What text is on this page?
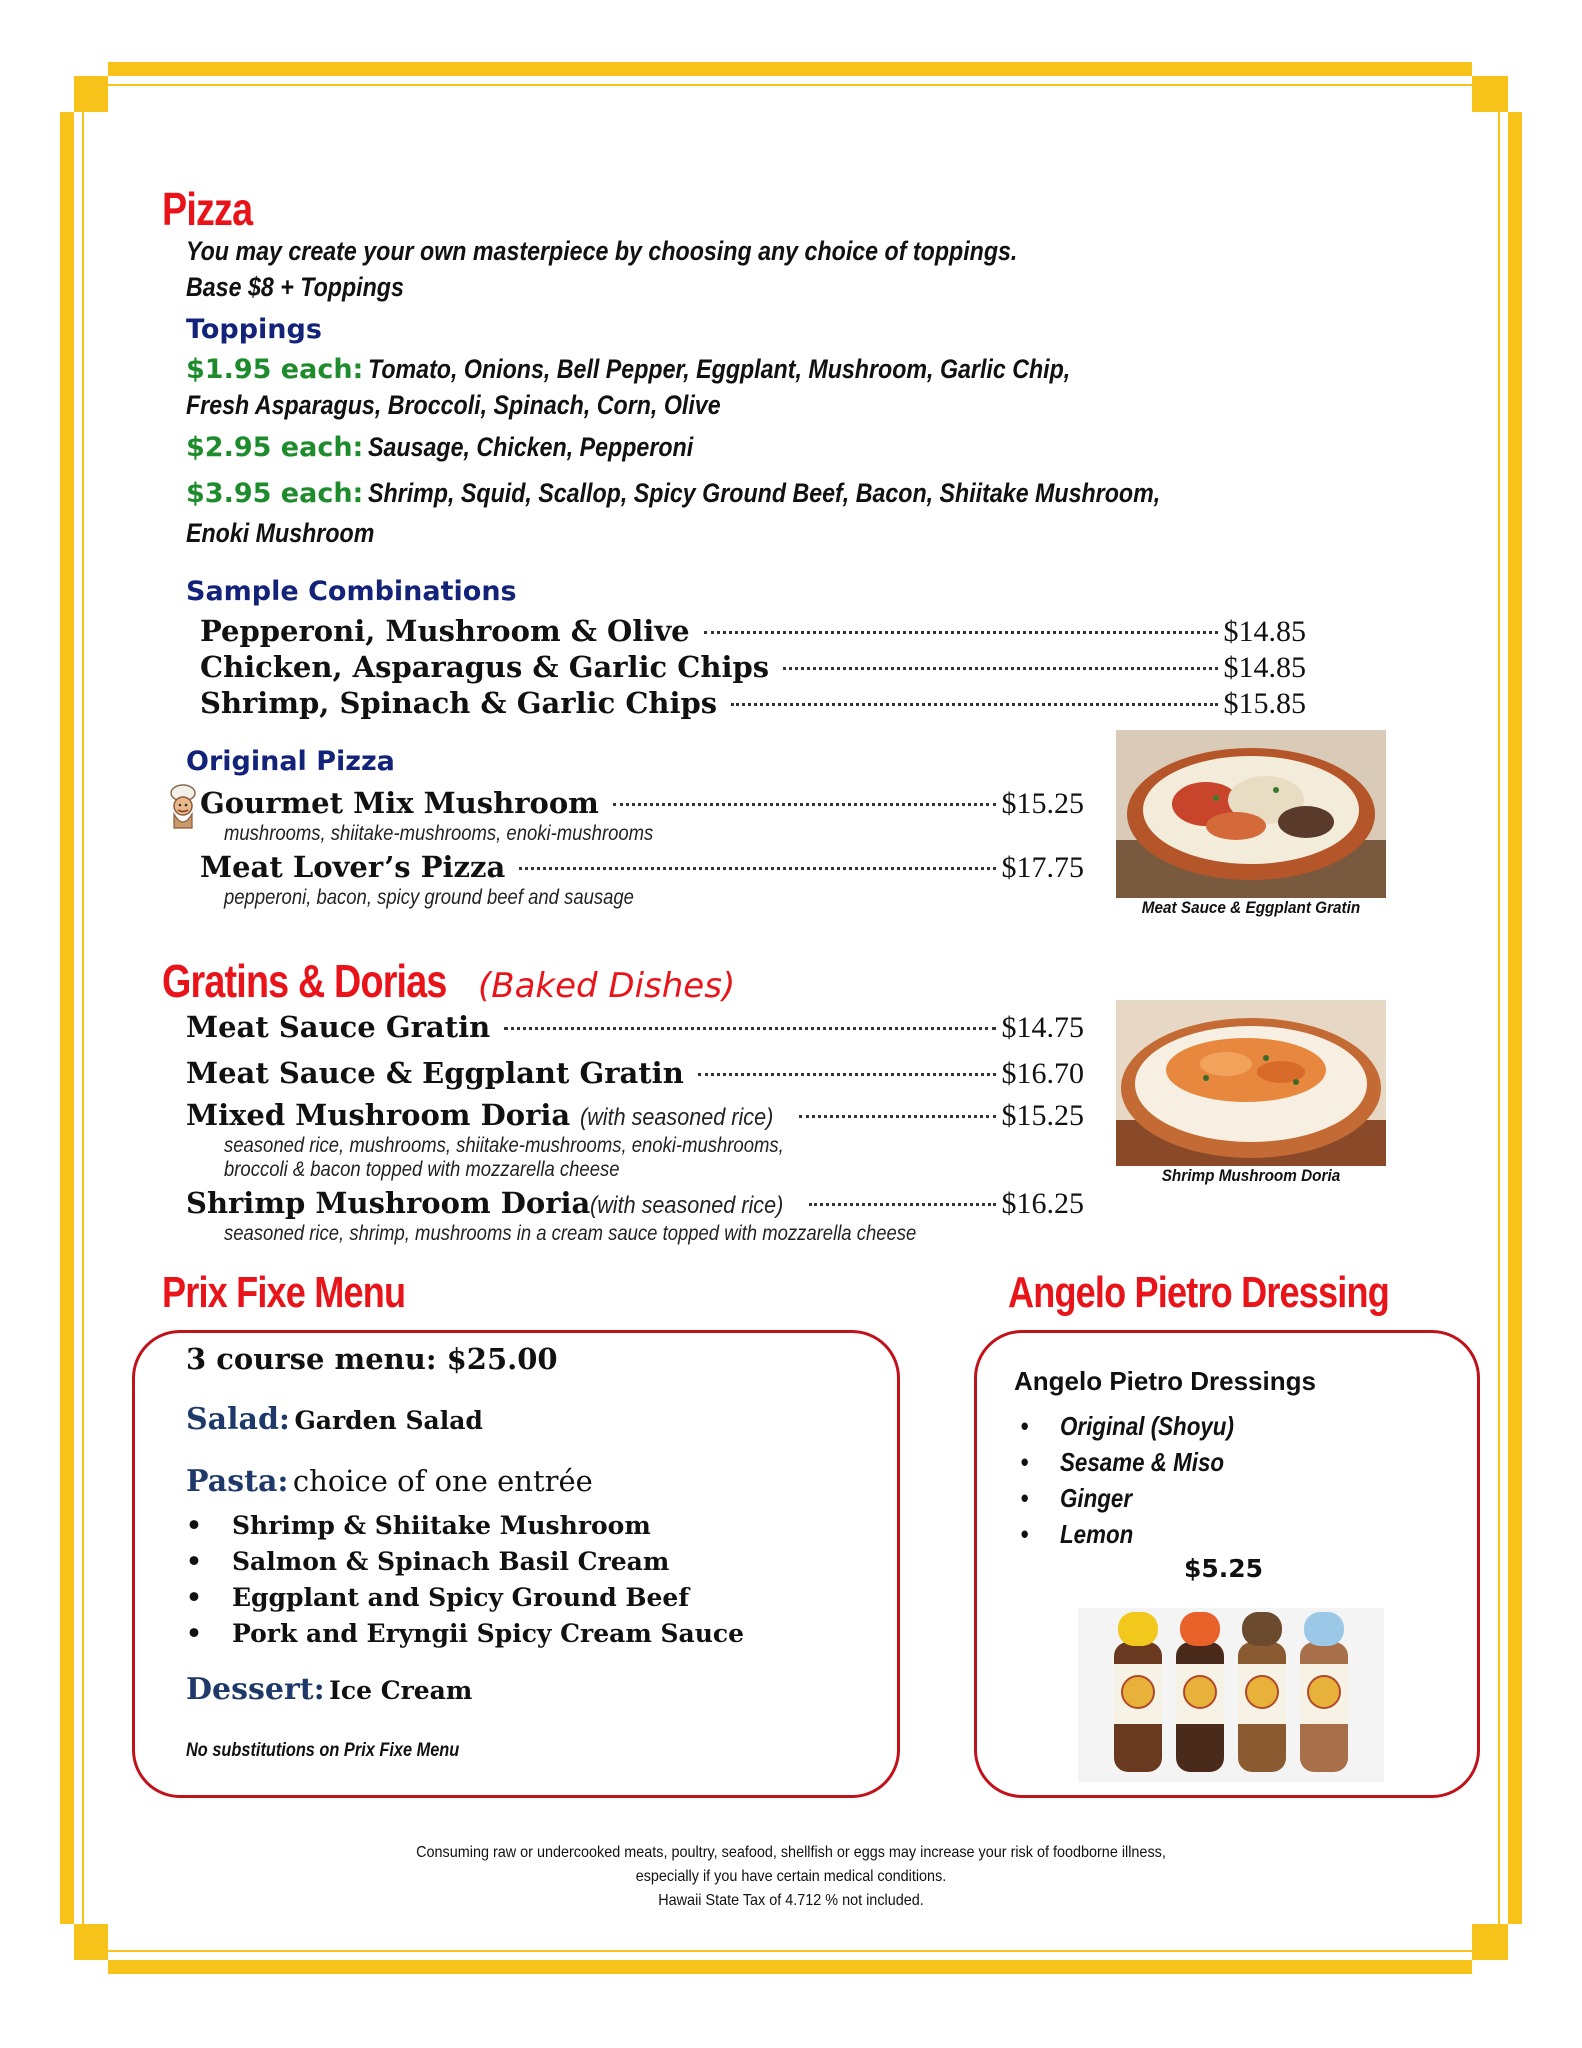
Pizza
You may create your own masterpiece by choosing any choice of toppings.
Base $8 + Toppings
Toppings
$1.95 each: Tomato, Onions, Bell Pepper, Eggplant, Mushroom, Garlic Chip,
Fresh Asparagus, Broccoli, Spinach, Corn, Olive
$2.95 each: Sausage, Chicken, Pepperoni
$3.95 each: Shrimp, Squid, Scallop, Spicy Ground Beef, Bacon, Shiitake Mushroom,
Enoki Mushroom
Sample Combinations
Pepperoni, Mushroom & Olive	$14.85
Chicken, Asparagus & Garlic Chips	$14.85
Shrimp, Spinach & Garlic Chips	$15.85
Original Pizza
Gourmet Mix Mushroom	$15.25
mushrooms, shiitake-mushrooms, enoki-mushrooms
Meat Lover’s Pizza	$17.75
pepperoni, bacon, spicy ground beef and sausage	Meat Sauce & Eggplant Gratin
Gratins & Dorias (Baked Dishes)
Meat Sauce Gratin	$14.75
Meat Sauce & Eggplant Gratin	$16.70
Mixed Mushroom Doria (with seasoned rice)	$15.25
seasoned rice, mushrooms, shiitake-mushrooms, enoki-mushrooms,
broccoli & bacon topped with mozzarella cheese
Shrimp Mushroom Doria (with seasoned rice)	$16.25
seasoned rice, shrimp, mushrooms in a cream sauce topped with mozzarella cheese
Shrimp Mushroom Doria
Prix Fixe Menu
3 course menu: $25.00
Salad: Garden Salad
Pasta: choice of one entrée
• Shrimp & Shiitake Mushroom
• Salmon & Spinach Basil Cream
• Eggplant and Spicy Ground Beef
• Pork and Eryngii Spicy Cream Sauce
Dessert: Ice Cream
No substitutions on Prix Fixe Menu
Angelo Pietro Dressing
Angelo Pietro Dressings
• Original (Shoyu)
• Sesame & Miso
• Ginger
• Lemon
$5.25
Consuming raw or undercooked meats, poultry, seafood, shellfish or eggs may increase your risk of foodborne illness,
especially if you have certain medical conditions.
Hawaii State Tax of 4.712 % not included.
